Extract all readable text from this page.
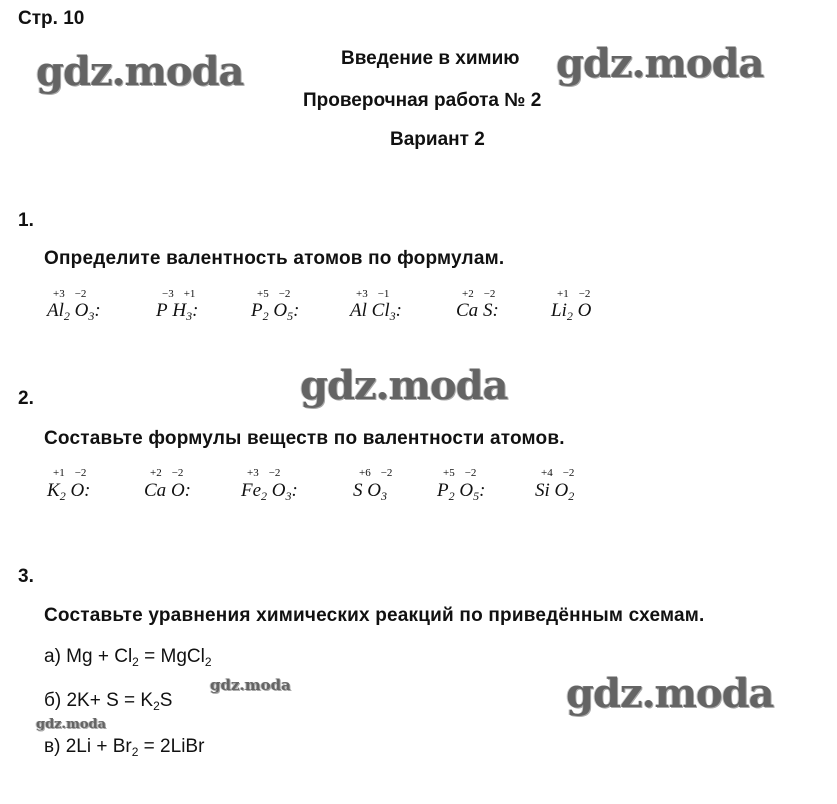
Стр. 10
Введение в химию
Проверочная работа № 2
Вариант 2
gdz.moda	gdz.moda
gdz.moda
gdz.moda
gdz.moda
gdz.moda
1.
Определите валентность атомов по формулам.
+3 −2
$Al_2$ $O_3$:
−3 +1
P $H_3$:
+5 −2
$P_2$ $O_5$:
+3 −1
Al $Cl_3$:
+2 −2
Ca S:
+1 −2
$Li_2$ O
2.
Составьте формулы веществ по валентности атомов.
+1 −2
$K_2$ O:
+2 −2
Ca O:
+3 −2
$Fe_2$ $O_3$:
+6 −2
S $O_3$
+5 −2
$P_2$ $O_5$:
+4 −2
Si $O_2$
3.
Составьте уравнения химических реакций по приведённым схемам.
а) $Mg + Cl_2$ = MgCl$_2$
б) $2K+ S = K_2S$
в) $2Li + Br_2$ = 2LiBr
